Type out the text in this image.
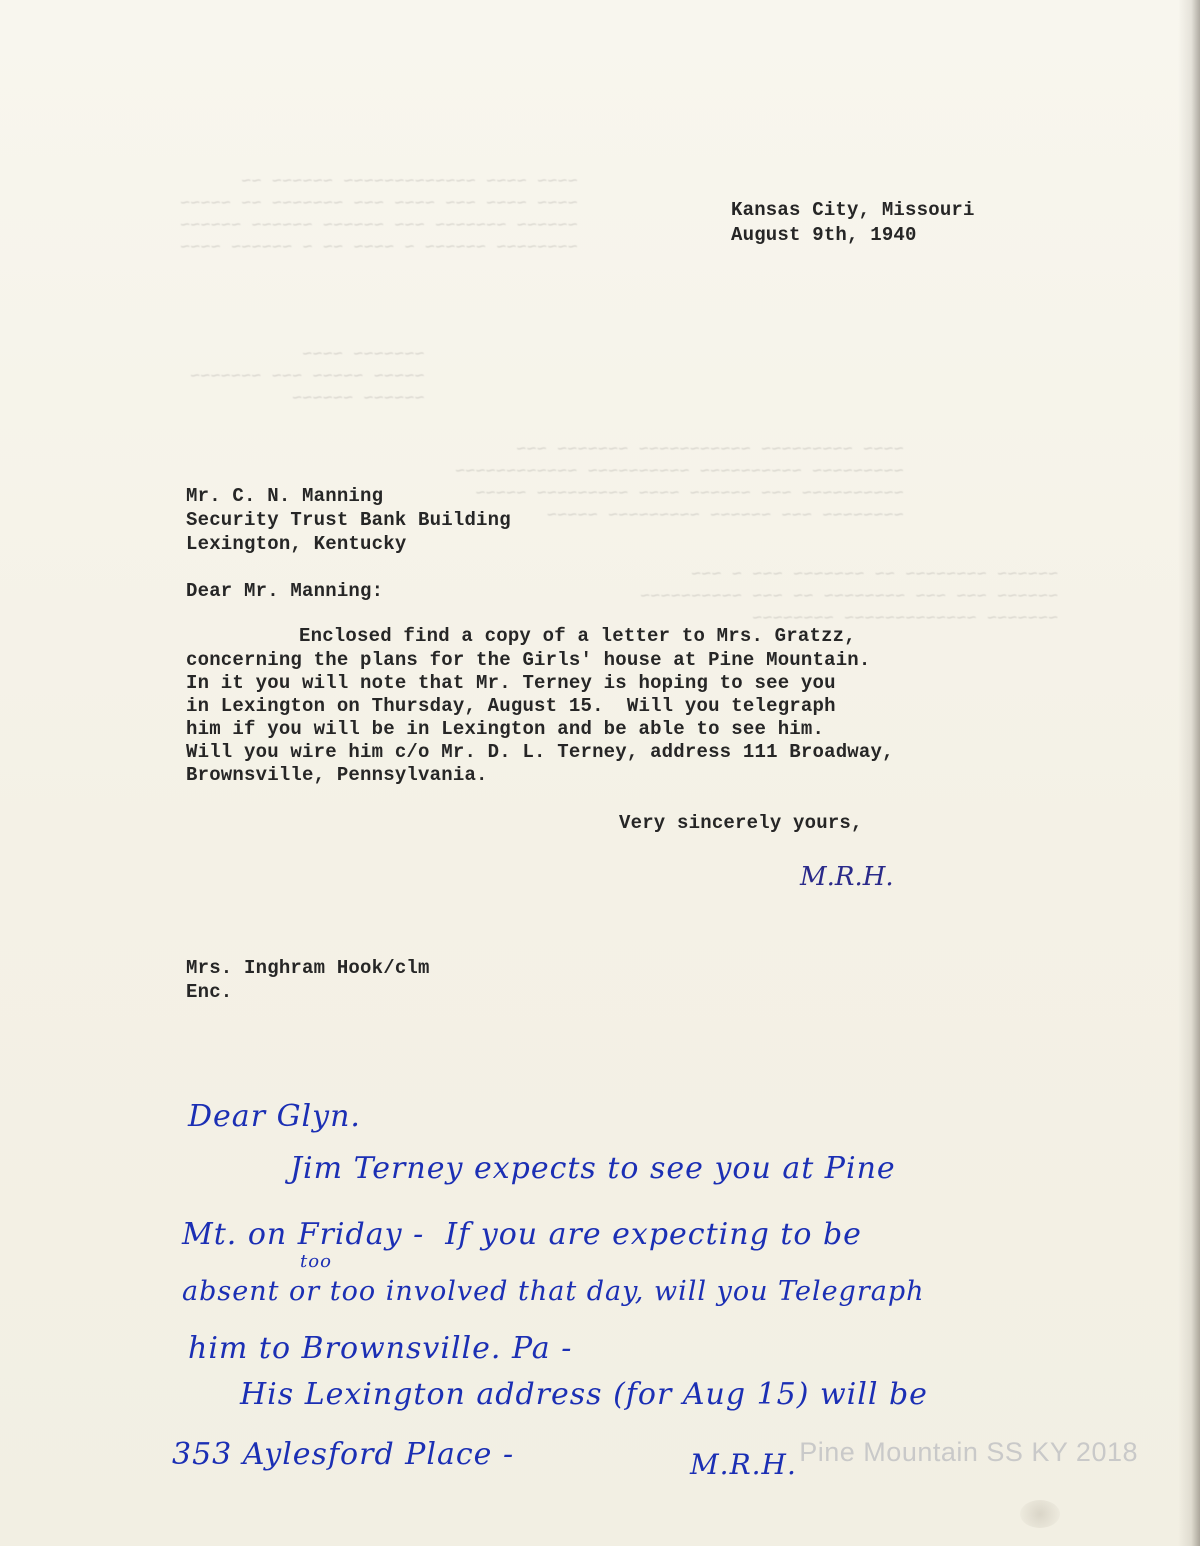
~~~~ ~~~~ ~~~~~~~~~~~~~ ~~~~~~ ~~
~~~~ ~~~~ ~~~ ~~~~ ~~~ ~~~~~~~ ~~ ~~~~~
~~~~~~ ~~~~~~~ ~~~ ~~~~~~ ~~~~~~ ~~~~~~
~~~~~~~~ ~~~~~~ ~ ~~~~ ~~ ~ ~~~~~~ ~~~~
~~~~~~~ ~~~~
~~~~~ ~~~~~ ~~~ ~~~~~~~
~~~~~~ ~~~~~~
~~~~ ~~~~~~~~~ ~~~~~~~~~~~ ~~~~~~~ ~~~
~~~~~~~~~ ~~~~~~~~~~ ~~~~~~~~~~ ~~~~~~~~~~~~
~~~~~~~~~~ ~~~ ~~~~~~ ~~~~ ~~~~~~~~~ ~~~~~
~~~~~~~~ ~~~ ~~~~~~ ~~~~~~~~~ ~~~~~
~~~~~~ ~~~~~~~~ ~~ ~~~~~~~ ~~~ ~ ~~~
~~~~~~ ~~~ ~~~ ~~~~~~~~ ~~ ~~~ ~~~~~~~~~~
~~~~~~~ ~~~~~~~~~~~~~ ~~~~~~~~
Kansas City, Missouri
August 9th, 1940
Mr. C. N. Manning
Security Trust Bank Building
Lexington, Kentucky
Dear Mr. Manning:
Enclosed find a copy of a letter to Mrs. Gratzz,
concerning the plans for the Girls' house at Pine Mountain.
In it you will note that Mr. Terney is hoping to see you
in Lexington on Thursday, August 15.  Will you telegraph
him if you will be in Lexington and be able to see him.
Will you wire him c/o Mr. D. L. Terney, address 111 Broadway,
Brownsville, Pennsylvania.
Very sincerely yours,
M.R.H.
Mrs. Inghram Hook/clm
Enc.
Dear Glyn.
Jim Terney expects to see you at Pine
Mt. on Friday -  If you are expecting to be
too
absent or too involved that day, will you Telegraph
him to Brownsville. Pa -
His Lexington address (for Aug 15) will be
353 Aylesford Place -	M.R.H. Pine Mountain SS KY 2018
